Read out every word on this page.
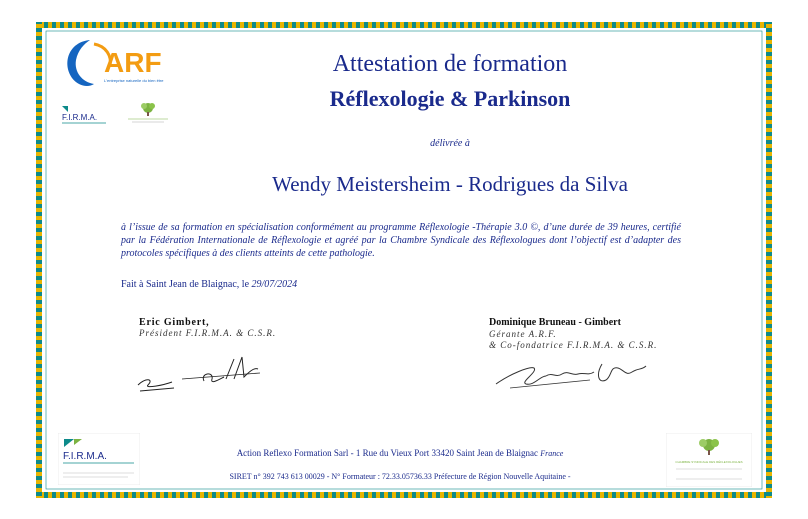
ARF
L'entreprise naturelle du bien être
F.I.R.M.A.
Attestation de formation
Réflexologie & Parkinson
délivrée à
Wendy Meistersheim - Rodrigues da Silva
à l’issue de sa formation en spécialisation conformément au programme Réflexologie -Thérapie 3.0 ©, d’une durée de 39 heures, certifié par la Fédération Internationale de Réflexologie et agréé par la Chambre Syndicale des Réflexologues dont l’objectif est d’adapter des protocoles spécifiques à des clients atteints de cette pathologie.
Fait à Saint Jean de Blaignac, le 29/07/2024
Eric Gimbert,
Président F.I.R.M.A. & C.S.R.
Dominique Bruneau - Gimbert
Gérante A.R.F.
& Co-fondatrice F.I.R.M.A. & C.S.R.
F.I.R.M.A.	CHAMBRE SYNDICALE DES RÉFLEXOLOGUES
Action Reflexo Formation Sarl - 1 Rue du Vieux Port 33420 Saint Jean de Blaignac France
SIRET n° 392 743 613 00029 - N° Formateur : 72.33.05736.33 Préfecture de Région Nouvelle Aquitaine -
